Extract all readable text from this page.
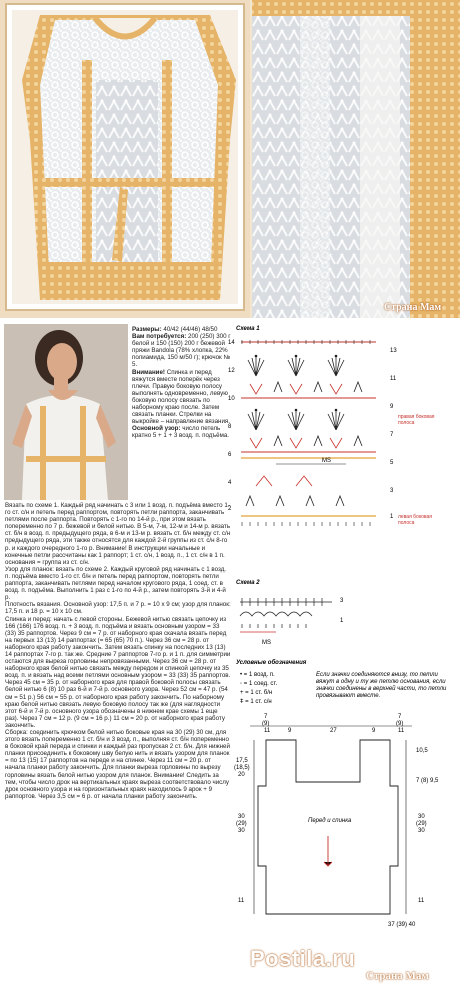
Страна Мам

Размеры: 40/42 (44/46) 48/50

Вам потребуется: 200 (250) 300 г белой и 150 (150) 200 г бежевой пряжи Bandola (78% хлопка, 22% полиамида, 150 м/50 г); крючок № 5.

Внимание! Спинка и перед вяжутся вместе поперёк через плечи. Правую боковую полосу выполнять одновременно, левую боковую полосу связать по наборному краю после. Затем связать планки. Стрелки на выкройке – направление вязания.

Основной узор: число петель кратно 5 + 1 + 3 возд. п. подъёма.

Вязать по схеме 1. Каждый ряд начинать с 3 или 1 возд. п. подъёма вместо 1-го ст. с/н и петель перед раппортом, повторять петли раппорта, заканчивать петлями после раппорта. Повторять с 1-го по 14-й р., при этом вязать попеременно по 7 р. бежевой и белой нитью. В 5-м, 7-м, 12-м и 14-м р. вязать ст. б/н в возд. п. предыдущего ряда, в 6-м и 13-м р. вязать ст. б/н между ст. с/н предыдущего ряда, эти также относятся для каждой 2-й группы из ст. с/н 8-го р. и каждого очередного 1-го р. Внимание! В инструкции начальные и конечные петли рассчитаны как 1 раппорт; 1 ст. с/н, 1 возд. п., 1 ст. с/н в 1 п. основания = группа из ст. с/н.

Узор для планок: вязать по схеме 2. Каждый круговой ряд начинать с 1 возд. п. подъёма вместо 1-го ст. б/н и петель перед раппортом, повторять петли раппорта, заканчивать петлями перед началом кругового ряда, 1 соед. ст. в возд. п. подъёма. Выполнить 1 раз с 1-го по 4-й р., затем повторять 3-й и 4-й р.

Плотность вязания. Основной узор: 17,5 п. и 7 р. = 10 х 9 см; узор для планок: 17,5 п. и 18 р. = 10 х 10 см.

Спинка и перед: начать с левой стороны. Бежевой нитью связать цепочку из 166 (166) 176 возд. п. + 3 возд. п. подъёма и вязать основным узором = 33 (33) 35 раппортов. Через 9 см = 7 р. от наборного края скачала вязать перед на первых 13 (13) 14 раппортах (= 65 (65) 70 п.). Через 36 см = 28 р. от наборного края работу закончить. Затем вязать спинку на последних 13 (13) 14 раппортах 7-го р. так же. Средние 7 раппортов 7-го р. и 1 п. для симметрии остаются для выреза горловины непровязанными. Через 36 см = 28 р. от наборного края белой нитью связать между передом и спинкой цепочку из 35 возд. п. и вязать над всеми петлями основным узором = 33 (33) 35 раппортов. Через 45 см = 35 р. от наборного края для правой боковой полосы связать белой нитью 6 (8) 10 раз 6-й и 7-й р. основного узора. Через 52 см = 47 р. (54 см = 51 р.) 56 см = 55 р. от наборного края работу закончить. По наборному краю белой нитью связать левую боковую полосу так же (для наглядности этот 6-й и 7-й р. основного узора обозначены в нижнем крае схемы 1 еще раз). Через 7 см = 12 р. (9 см = 16 р.) 11 см = 20 р. от наборного края работу закончить.

Сборка: соединить крючком белой нитью боковые края на 30 (29) 30 см, для этого вязать попеременно 1 ст. б/н и 3 возд. п., выполняя ст. б/н попеременно в боковой край переда и спинки и каждый раз пропуская 2 ст. б/н. Для нижней планки присоединить к боковому шву белую нить и вязать узором для планок = по 13 (15) 17 раппортов на переде и на спинке. Через 11 см = 20 р. от начала планки работу закончить. Для планки выреза горловины по вырезу горловины вязать белой нитью узором для планок. Внимание! Следить за тем, чтобы число дрок на вертикальных краях выреза соответствовало числу дрок основного узора и на горизонтальных краях находилось 9 арок + 9 раппортов. Через 3,5 см = 6 р. от начала планки работу закончить.

Схема 1
13
11
9
7
5
3
1
14
12
10
8
6
4
2
правая боковая полоса
левая боковая полоса
MS
Схема 2
MS
3
1
Условные обозначения
• = 1 возд. п.
◦ = 1 соед. ст.
+ = 1 ст. б/н
ǂ = 1 ст. с/н
Если значки соединяются внизу, то петли вяжут в одну и ту же петлю основания, если значки соединены в верхней части, то петли провязывают вместе.
7
(9)
11	9	27	9
7
(9)
11
17,5
(18,5)
20
30
(29)
30
11
10,5
7 (8) 9,5
30
(29)
30
11
Перед и спинка
37 (39) 40
Postila.ru
Страна Мам
